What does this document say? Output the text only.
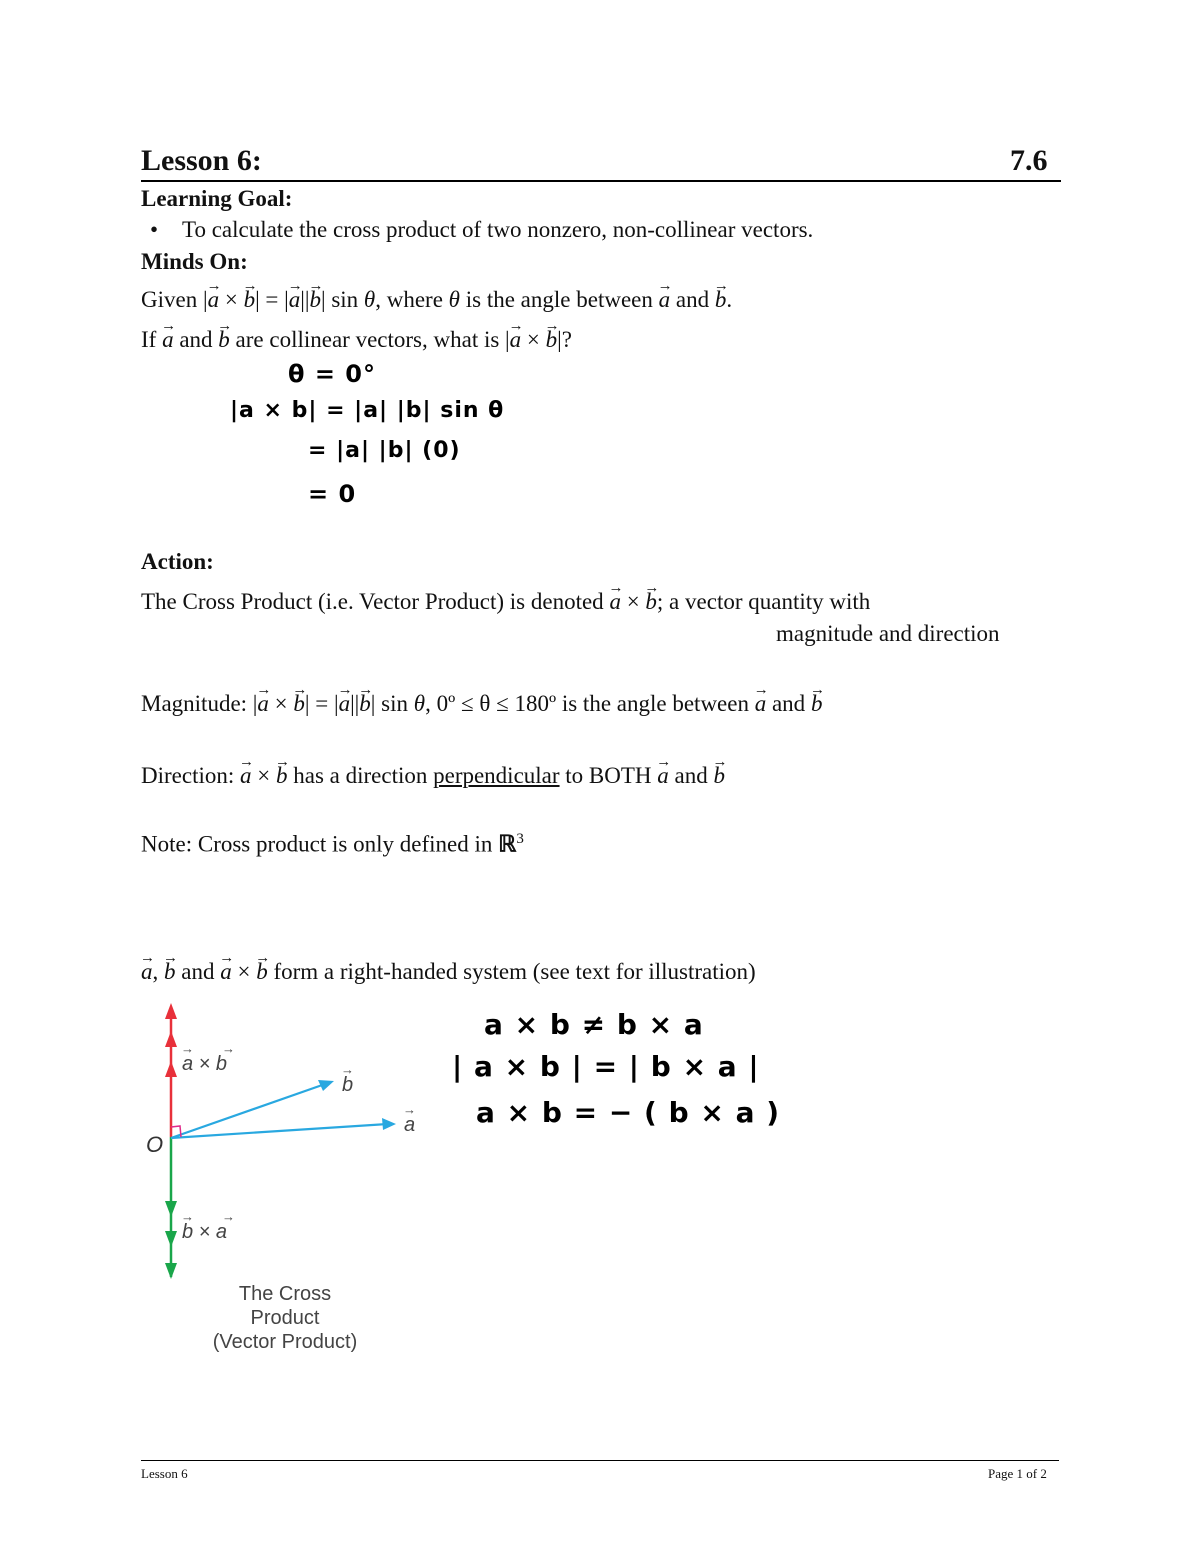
Lesson 6:	7.6
Learning Goal:
• To calculate the cross product of two nonzero, non-collinear vectors.
Minds On:
Given |→ a × → b| = |→ a||→ b| sin θ, where θ is the angle between → a and → b.
If → a and → b are collinear vectors, what is |→ a × → b|?
θ = 0°
|a × b| = |a| |b| sin θ
= |a| |b| (0)
= 0
Action:
The Cross Product (i.e. Vector Product) is denoted → a × → b; a vector quantity with
magnitude and direction
Magnitude: |→ a × → b| = |→ a||→ b| sin θ, 0º ≤ θ ≤ 180º is the angle between → a and → b
Direction: → a × → b has a direction perpendicular to BOTH → a and → b
Note: Cross product is only defined in ℝ$^3$
→ a, → b and → a × → b form a right-handed system (see text for illustration)
O
a × b
→ →
b
→
a
→
b × a
→ →
The Cross Product
(Vector Product)
a × b ≠ b × a
| a × b | = | b × a |
a × b = − ( b × a )
Lesson 6	Page 1 of 2
